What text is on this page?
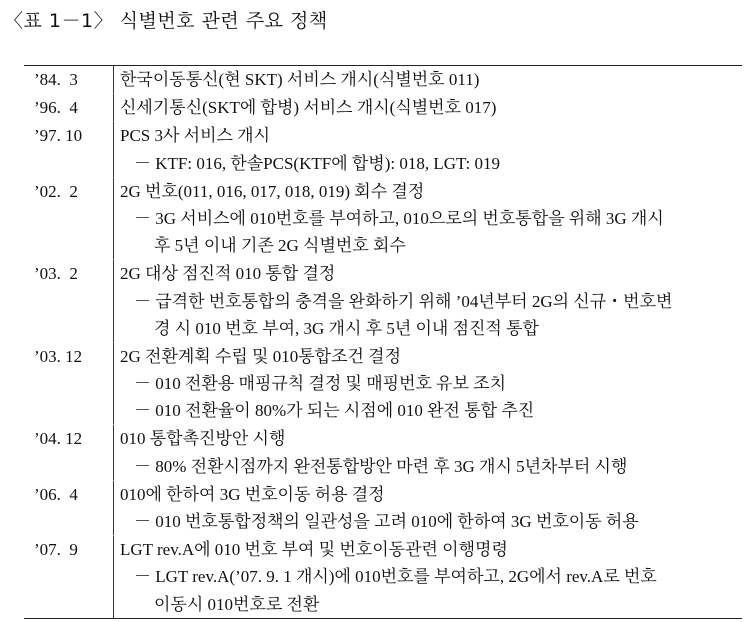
〈표 1－1〉 식별번호 관련 주요 정책
’84.  3	한국이동통신(현 SKT) 서비스 개시(식별번호 011)
’96.  4	신세기통신(SKT에 합병) 서비스 개시(식별번호 017)
’97. 10	PCS 3사 서비스 개시
－ KTF: 016, 한솔PCS(KTF에 합병): 018, LGT: 019
’02.  2	2G 번호(011, 016, 017, 018, 019) 회수 결정
－ 3G 서비스에 010번호를 부여하고, 010으로의 번호통합을 위해 3G 개시
후 5년 이내 기존 2G 식별번호 회수
’03.  2	2G 대상 점진적 010 통합 결정
－ 급격한 번호통합의 충격을 완화하기 위해 ’04년부터 2G의 신규・번호변
경 시 010 번호 부여, 3G 개시 후 5년 이내 점진적 통합
’03. 12	2G 전환계획 수립 및 010통합조건 결정
－ 010 전환용 매핑규칙 결정 및 매핑번호 유보 조치
－ 010 전환율이 80%가 되는 시점에 010 완전 통합 추진
’04. 12	010 통합촉진방안 시행
－ 80% 전환시점까지 완전통합방안 마련 후 3G 개시 5년차부터 시행
’06.  4	010에 한하여 3G 번호이동 허용 결정
－ 010 번호통합정책의 일관성을 고려 010에 한하여 3G 번호이동 허용
’07.  9	LGT rev.A에 010 번호 부여 및 번호이동관련 이행명령
－ LGT rev.A(’07. 9. 1 개시)에 010번호를 부여하고, 2G에서 rev.A로 번호
이동시 010번호로 전환
